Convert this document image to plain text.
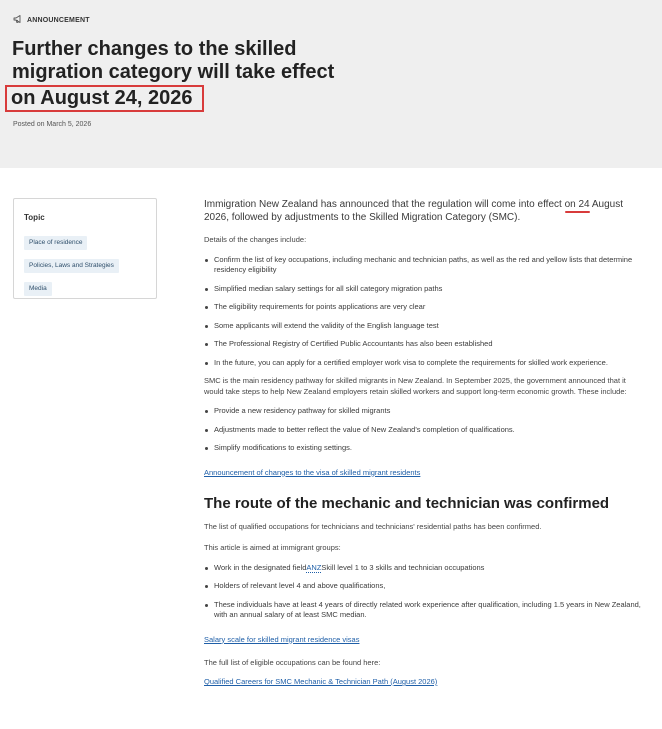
ANNOUNCEMENT
Further changes to the skilled
migration category will take effect
on August 24, 2026
Posted on March 5, 2026
Topic
Place of residence
Policies, Laws and Strategies
Media

Immigration New Zealand has announced that the regulation will come into effect on 24 August 2026, followed by adjustments to the Skilled Migration Category (SMC).

Details of the changes include:

Confirm the list of key occupations, including mechanic and technician paths, as well as the red and yellow lists that determine residency eligibility
Simplified median salary settings for all skill category migration paths
The eligibility requirements for points applications are very clear
Some applicants will extend the validity of the English language test
The Professional Registry of Certified Public Accountants has also been established
In the future, you can apply for a certified employer work visa to complete the requirements for skilled work experience.

SMC is the main residency pathway for skilled migrants in New Zealand. In September 2025, the government announced that it would take steps to help New Zealand employers retain skilled workers and support long-term economic growth. These include:

Provide a new residency pathway for skilled migrants
Adjustments made to better reflect the value of New Zealand's completion of qualifications.
Simplify modifications to existing settings.
Announcement of changes to the visa of skilled migrant residents
The route of the mechanic and technician was confirmed

The list of qualified occupations for technicians and technicians' residential paths has been confirmed.

This article is aimed at immigrant groups:

Work in the designated fieldANZSkill level 1 to 3 skills and technician occupations
Holders of relevant level 4 and above qualifications,
These individuals have at least 4 years of directly related work experience after qualification, including 1.5 years in New Zealand, with an annual salary of at least SMC median.
Salary scale for skilled migrant residence visas

The full list of eligible occupations can be found here:

Qualified Careers for SMC Mechanic & Technician Path (August 2026)
